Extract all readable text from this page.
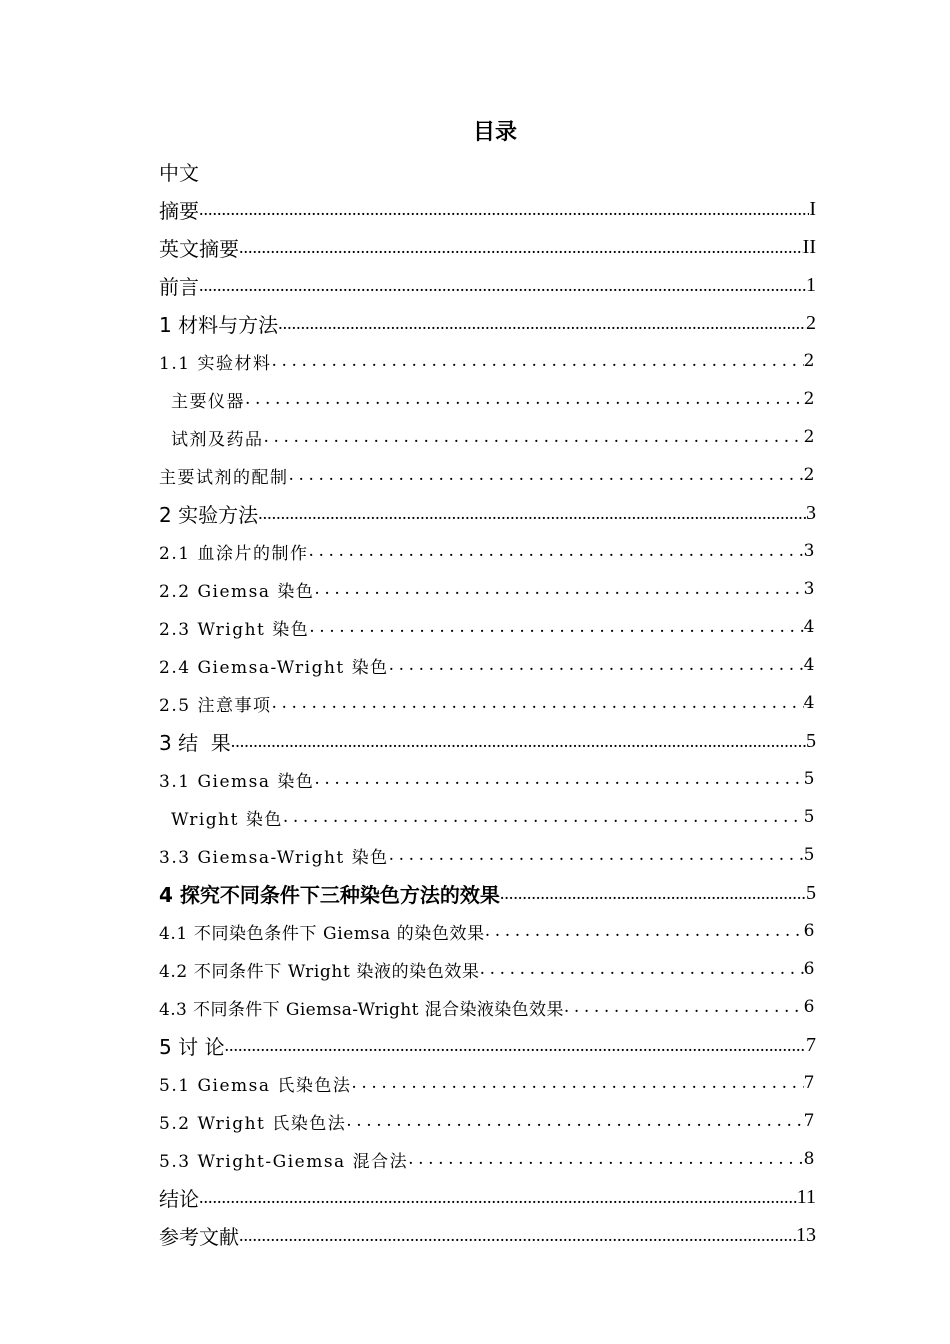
目录
中文
摘要 .....	I
英文摘要 .....	II
前言 .....	1
1 材料与方法 .....	2
1.1 实验材料 .....	2
主要仪器 .....	2
试剂及药品 .....	2
主要试剂的配制 .....	2
2 实验方法 .....	3
2.1 血涂片的制作 .....	3
2.2 Giemsa 染色 .....	3
2.3 Wright 染色 .....	4
2.4 Giemsa-Wright 染色 .....	4
2.5 注意事项 .....	4
3 结  果 .....	5
3.1 Giemsa 染色 .....	5
Wright 染色 .....	5
3.3 Giemsa-Wright 染色 .....	5
4 探究不同条件下三种染色方法的效果 .....	5
4.1 不同染色条件下 Giemsa 的染色效果 .....	6
4.2 不同条件下 Wright 染液的染色效果 .....	6
4.3 不同条件下 Giemsa-Wright 混合染液染色效果 .....	6
5 讨 论 .....	7
5.1 Giemsa 氏染色法 .....	7
5.2 Wright 氏染色法 .....	7
5.3 Wright-Giemsa 混合法 .....	8
结论 .....	11
参考文献 .....	13
